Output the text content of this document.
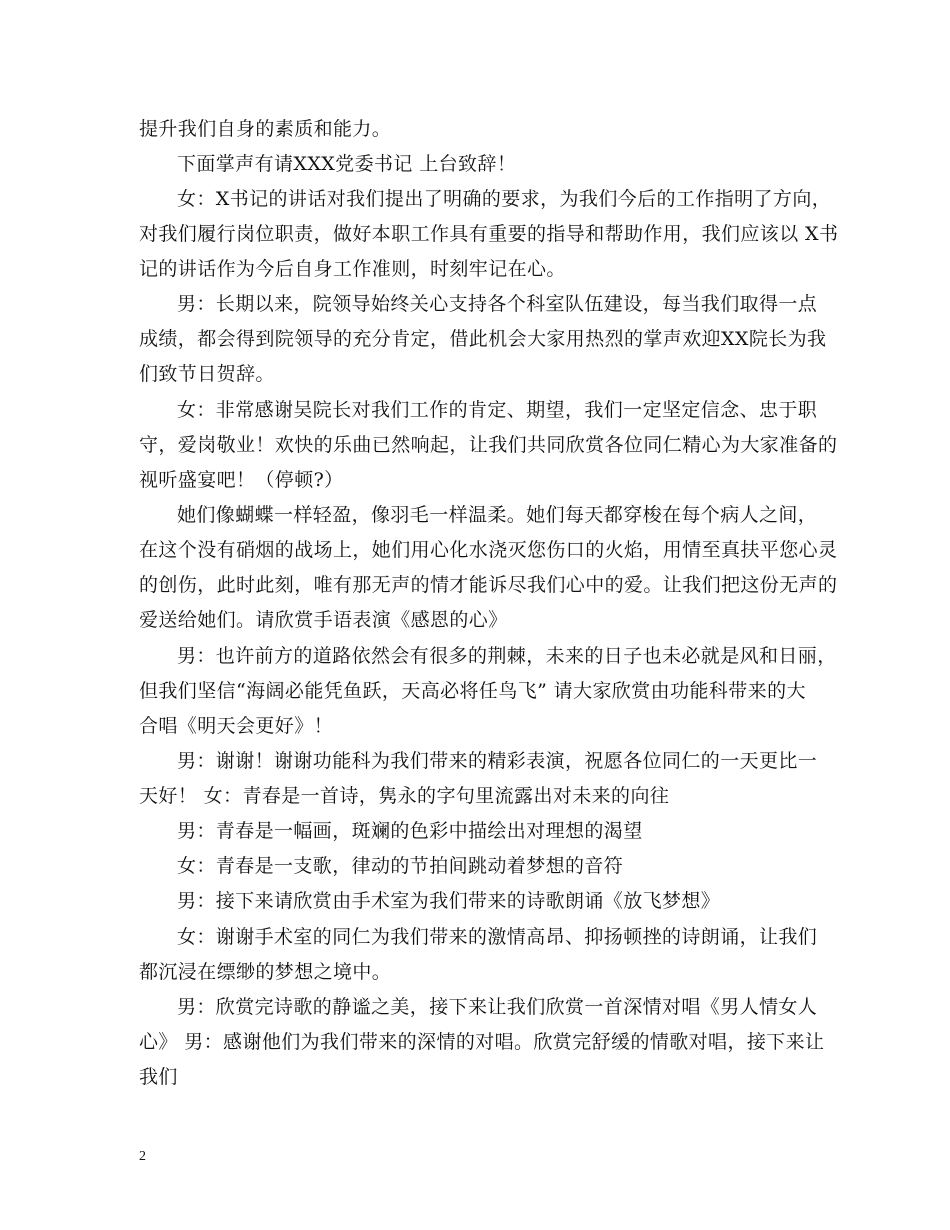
提升我们自身的素质和能力。
下面掌声有请XXX党委书记 上台致辞！
女：X书记的讲话对我们提出了明确的要求，为我们今后的工作指明了方向，
对我们履行岗位职责，做好本职工作具有重要的指导和帮助作用，我们应该以 X书
记的讲话作为今后自身工作准则，时刻牢记在心。
男：长期以来，院领导始终关心支持各个科室队伍建设，每当我们取得一点
成绩，都会得到院领导的充分肯定，借此机会大家用热烈的掌声欢迎XX院长为我
们致节日贺辞。
女：非常感谢吴院长对我们工作的肯定、期望，我们一定坚定信念、忠于职
守，爱岗敬业！欢快的乐曲已然响起，让我们共同欣赏各位同仁精心为大家准备的
视听盛宴吧！（停顿?）
她们像蝴蝶一样轻盈，像羽毛一样温柔。她们每天都穿梭在每个病人之间，
在这个没有硝烟的战场上，她们用心化水浇灭您伤口的火焰，用情至真扶平您心灵
的创伤，此时此刻，唯有那无声的情才能诉尽我们心中的爱。让我们把这份无声的
爱送给她们。请欣赏手语表演《感恩的心》
男：也许前方的道路依然会有很多的荆棘，未来的日子也未必就是风和日丽，
但我们坚信“海阔必能凭鱼跃，天高必将任鸟飞” 请大家欣赏由功能科带来的大
合唱《明天会更好》！
男：谢谢！谢谢功能科为我们带来的精彩表演，祝愿各位同仁的一天更比一
天好！ 女：青春是一首诗，隽永的字句里流露出对未来的向往
男：青春是一幅画，斑斓的色彩中描绘出对理想的渴望
女：青春是一支歌，律动的节拍间跳动着梦想的音符
男：接下来请欣赏由手术室为我们带来的诗歌朗诵《放飞梦想》
女：谢谢手术室的同仁为我们带来的激情高昂、抑扬顿挫的诗朗诵，让我们
都沉浸在缥缈的梦想之境中。
男：欣赏完诗歌的静谧之美，接下来让我们欣赏一首深情对唱《男人情女人
心》 男：感谢他们为我们带来的深情的对唱。欣赏完舒缓的情歌对唱，接下来让
我们
2
